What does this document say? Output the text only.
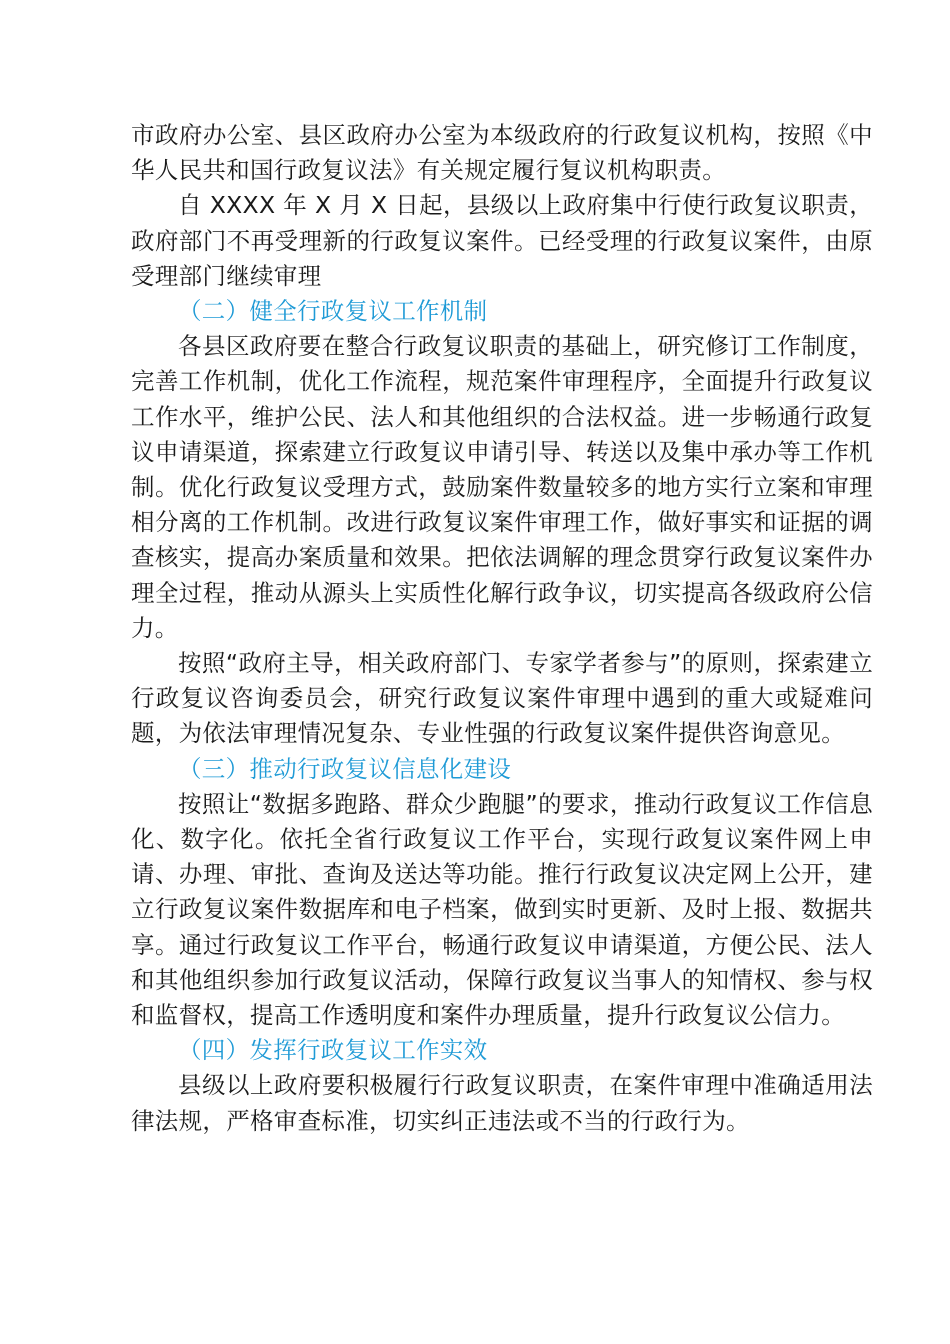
市政府办公室、县区政府办公室为本级政府的行政复议机构，按照《中华人民共和国行政复议法》有关规定履行复议机构职责。

自 XXXX 年 X 月 X 日起，县级以上政府集中行使行政复议职责，政府部门不再受理新的行政复议案件。已经受理的行政复议案件，由原受理部门继续审理

（二）健全行政复议工作机制

各县区政府要在整合行政复议职责的基础上，研究修订工作制度，完善工作机制，优化工作流程，规范案件审理程序，全面提升行政复议工作水平，维护公民、法人和其他组织的合法权益。进一步畅通行政复议申请渠道，探索建立行政复议申请引导、转送以及集中承办等工作机制。优化行政复议受理方式，鼓励案件数量较多的地方实行立案和审理相分离的工作机制。改进行政复议案件审理工作，做好事实和证据的调查核实，提高办案质量和效果。把依法调解的理念贯穿行政复议案件办理全过程，推动从源头上实质性化解行政争议，切实提高各级政府公信力。

按照“政府主导，相关政府部门、专家学者参与”的原则，探索建立行政复议咨询委员会，研究行政复议案件审理中遇到的重大或疑难问题，为依法审理情况复杂、专业性强的行政复议案件提供咨询意见。

（三）推动行政复议信息化建设

按照让“数据多跑路、群众少跑腿”的要求，推动行政复议工作信息化、数字化。依托全省行政复议工作平台，实现行政复议案件网上申请、办理、审批、查询及送达等功能。推行行政复议决定网上公开，建立行政复议案件数据库和电子档案，做到实时更新、及时上报、数据共享。通过行政复议工作平台，畅通行政复议申请渠道，方便公民、法人和其他组织参加行政复议活动，保障行政复议当事人的知情权、参与权和监督权，提高工作透明度和案件办理质量，提升行政复议公信力。

（四）发挥行政复议工作实效

县级以上政府要积极履行行政复议职责，在案件审理中准确适用法律法规，严格审查标准，切实纠正违法或不当的行政行为。
